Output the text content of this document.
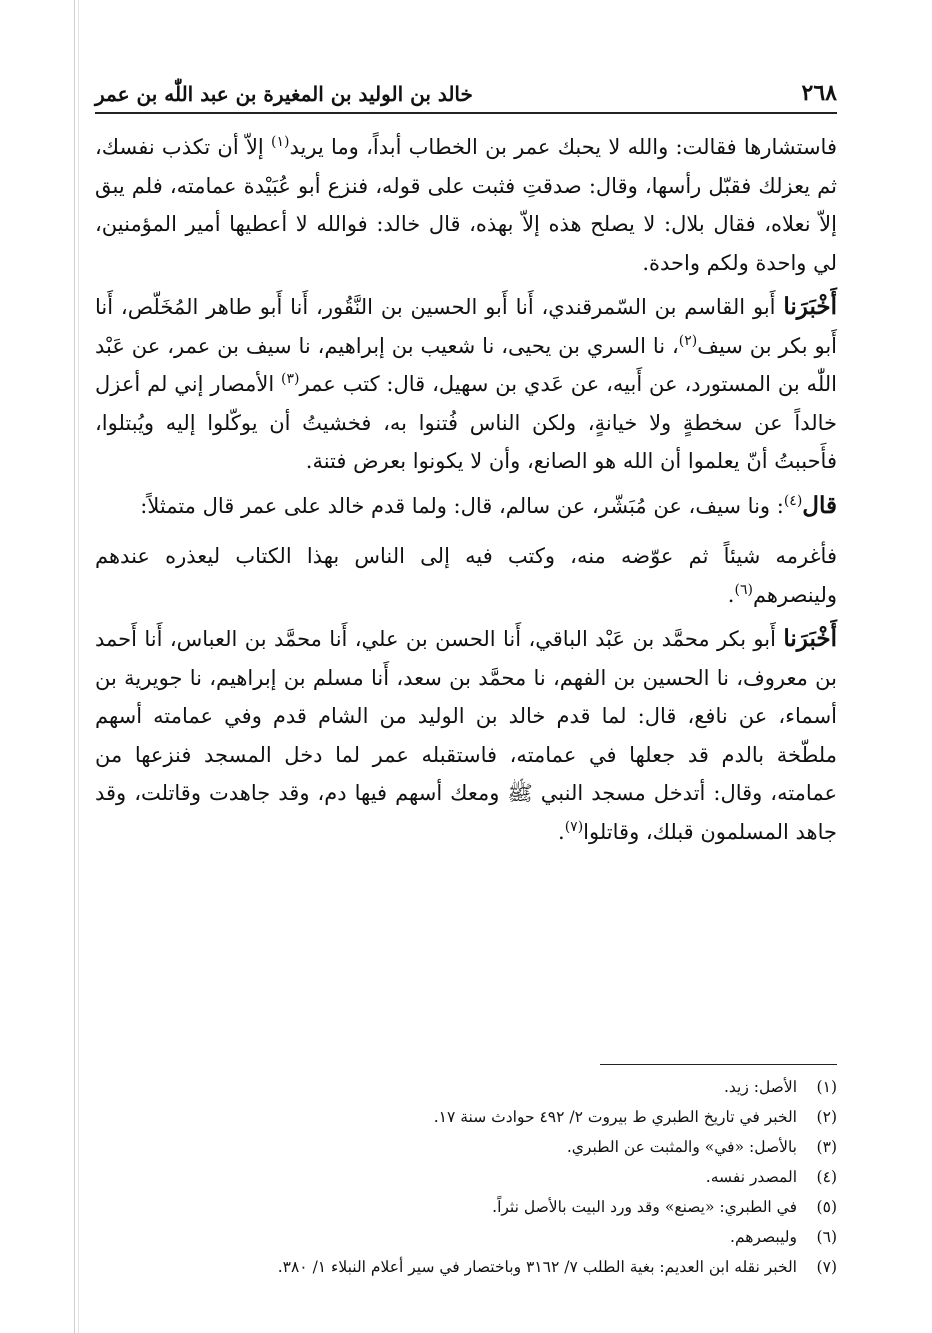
٢٦٨
خالد بن الوليد بن المغيرة بن عبد اللّٰه بن عمر

فاستشارها فقالت: والله لا يحبك عمر بن الخطاب أبداً، وما يريد$^{(١)}$ إلاّ أن تكذب نفسك، ثم يعزلك فقبّل رأسها، وقال: صدقتِ فثبت على قوله، فنزع أبو عُبَيْدة عمامته، فلم يبق إلاّ نعلاه، فقال بلال: لا يصلح هذه إلاّ بهذه، قال خالد: فوالله لا أعطيها أمير المؤمنين، لي واحدة ولكم واحدة.

أَخْبَرَنا أَبو القاسم بن السّمرقندي، أَنا أَبو الحسين بن النَّقُور، أَنا أَبو طاهر المُخَلّص، أَنا أَبو بكر بن سيف$^{(٢)}$، نا السري بن يحيى، نا شعيب بن إبراهيم، نا سيف بن عمر، عن عَبْد اللّٰه بن المستورد، عن أَبيه، عن عَدي بن سهيل، قال: كتب عمر$^{(٣)}$ الأمصار إني لم أعزل خالداً عن سخطةٍ ولا خيانةٍ، ولكن الناس فُتنوا به، فخشيتُ أن يوكّلوا إليه ويُبتلوا، فأَحببتُ أنّ يعلموا أن الله هو الصانع، وأن لا يكونوا بعرض فتنة.

قال$^{(٤)}$: ونا سيف، عن مُبَشّر، عن سالم، قال: ولما قدم خالد على عمر قال متمثلاً:

فأغرمه شيئاً ثم عوّضه منه، وكتب فيه إلى الناس بهذا الكتاب ليعذره عندهم ولينصرهم$^{(٦)}$.

أَخْبَرَنا أَبو بكر محمَّد بن عَبْد الباقي، أَنا الحسن بن علي، أَنا محمَّد بن العباس، أَنا أَحمد بن معروف، نا الحسين بن الفهم، نا محمَّد بن سعد، أَنا مسلم بن إبراهيم، نا جويرية بن أسماء، عن نافع، قال: لما قدم خالد بن الوليد من الشام قدم وفي عمامته أسهم ملطّخة بالدم قد جعلها في عمامته، فاستقبله عمر لما دخل المسجد فنزعها من عمامته، وقال: أتدخل مسجد النبي ﷺ ومعك أسهم فيها دم، وقد جاهدت وقاتلت، وقد جاهد المسلمون قبلك، وقاتلوا$^{(٧)}$.

(١)
الأصل: زيد.
(٢)
الخبر في تاريخ الطبري ط بيروت ٢/ ٤٩٢ حوادث سنة ١٧.
(٣)
بالأصل: «في» والمثبت عن الطبري.
(٤)
المصدر نفسه.
(٥)
في الطبري: «يصنع» وقد ورد البيت بالأصل نثراً.
(٦)
وليبصرهم.
(٧)
الخبر نقله ابن العديم: بغية الطلب ٧/ ٣١٦٢ وباختصار في سير أعلام النبلاء ١/ ٣٨٠.
